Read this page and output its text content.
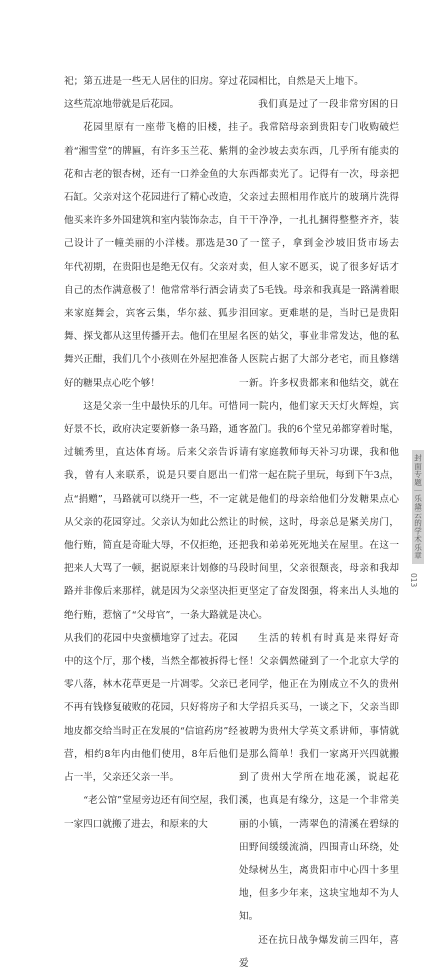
祀；第五进是一些无人居住的旧房。穿过这些荒凉地带就是后花园。

花园里原有一座带飞檐的旧楼，挂着“湘雪堂”的牌匾，有许多玉兰花、紫荆花和古老的银杏树，还有一口养金鱼的大石缸。父亲对这个花园进行了精心改造，他买来许多外国建筑和室内装饰杂志，自己设计了一幢美丽的小洋楼。那选是30年代初期，在贵阳也是绝无仅有。父亲对自己的杰作满意极了！他常常举行酒会请来家庭舞会，宾客云集，华尔兹、狐步舞、探戈都从这里传播开去。他们在里屋舞兴正酣，我们几个小孩则在外屋把准备好的糖果点心吃个够！

这是父亲一生中最快乐的几年。可惜好景不长，政府决定要新修一条马路，通过毓秀里，直达体育场。后来父亲告诉我，曾有人来联系，说是只要自愿出一点“捐赠”，马路就可以绕开一些，不一定从父亲的花园穿过。父亲认为如此公然让他行贿，简直是奇耻大辱，不仅拒绝，还把来人大骂了一顿，据说原来计划修的马路并非像后来那样，就是因为父亲坚决拒绝行贿，惹恼了“父母官”，一条大路就是从我们的花园中央蛮横地穿了过去。花园中的这个厅，那个楼，当然全都被拆得七零八落，林木花草更是一片凋零。父亲已不再有钱修复破败的花园，只好将房子和地皮都交给当时正在发展的“信谊药房”经营，相约8年内由他们使用，8年后他们占一半，父亲还父亲一半。

“老公馆”堂屋旁边还有间空屋，我们一家四口就搬了进去，和原来的大

花园相比，自然是天上地下。

我们真是过了一段非常穷困的日子。我常陪母亲到贵阳专门收购破烂的金沙坡去卖东西，几乎所有能卖的东西都卖光了。记得有一次，母亲把父亲过去照相用作底片的玻璃片洗得干干净净，一扎扎捆得整整齐齐，装了一筐子，拿到金沙坡旧货市场去卖，但人家不愿买，说了很多好话才卖了5毛钱。母亲和我真是一路满着眼泪回家。更难堪的是，当时已是贵阳名医的姑父，事业非常发达，他的私人医院占据了大部分老宅，而且修缮一新。许多权贵都来和他结交，就在同一院内，他们家天天灯火辉煌，宾客盈门。我的6个堂兄弟都穿着时髦，请有家庭教师每天补习功课，我和他们常一起在院子里玩，每到下午3点，就是他们的母亲给他们分发糖果点心的时候，这时，母亲总是紧关房门，把我和弟弟死死地关在屋里。在这一段时间里，父亲很颓丧，母亲和我却更坚定了奋发图强，将来出人头地的决心。

生活的转机有时真是来得好奇怪！父亲偶然碰到了一个北京大学的老同学，他正在为刚成立不久的贵州大学招兵买马，一谈之下，父亲当即被聘为贵州大学英文系讲师，事情就是那么简单！我们一家离开兴四就搬到了贵州大学所在地花溪，说起花溪，也真是有缘分，这是一个非常美丽的小镇，一湾翠色的清溪在碧绿的田野间缓缓流淌，四围青山环绕，处处绿树丛生，离贵阳市中心四十多里地，但多少年来，这块宝地却不为人知。

还在抗日战争爆发前三四年，喜爱

封面专题｜乐黛云的学术乐章
013
